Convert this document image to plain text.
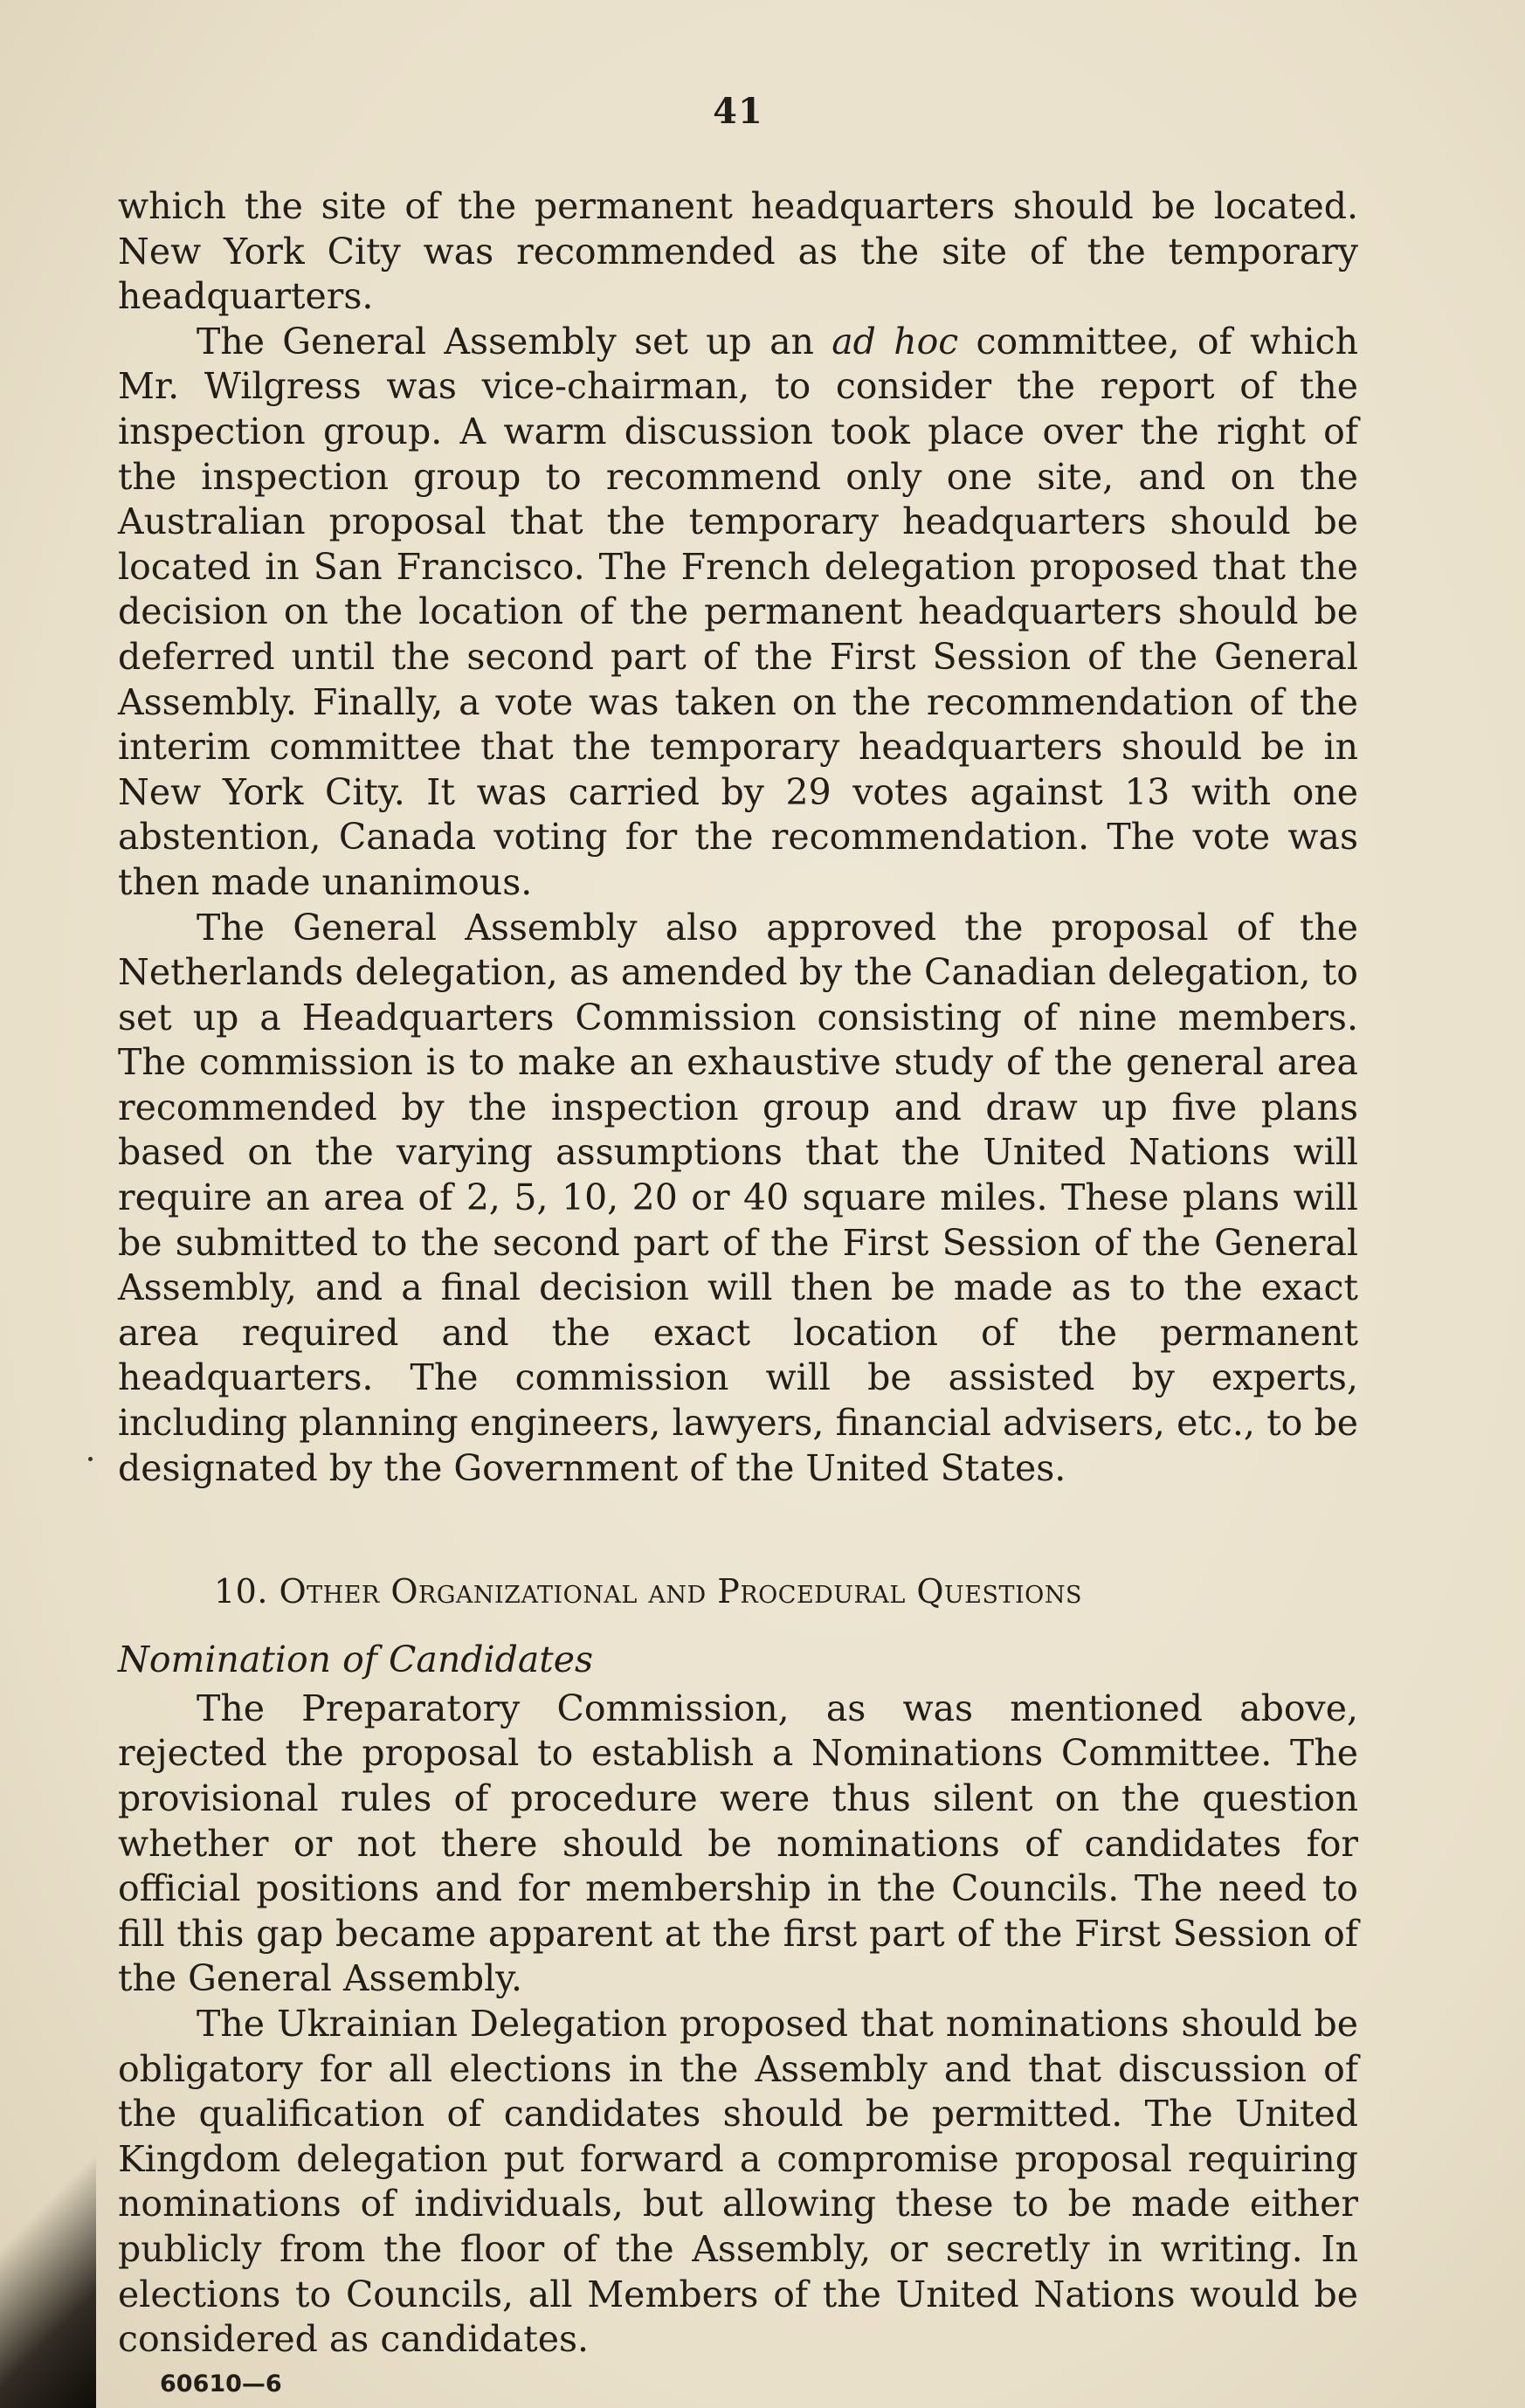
41

which the site of the permanent headquarters should be located. New York City was recommended as the site of the temporary headquarters.

The General Assembly set up an ad hoc committee, of which Mr. Wilgress was vice-chairman, to consider the report of the inspection group. A warm discussion took place over the right of the inspection group to recommend only one site, and on the Australian proposal that the temporary headquarters should be located in San Francisco. The French delegation proposed that the decision on the location of the permanent headquarters should be deferred until the second part of the First Session of the General Assembly. Finally, a vote was taken on the recommendation of the interim committee that the temporary headquarters should be in New York City. It was carried by 29 votes against 13 with one abstention, Canada voting for the recommendation. The vote was then made unanimous.

The General Assembly also approved the proposal of the Netherlands delegation, as amended by the Canadian delegation, to set up a Headquarters Commission consisting of nine members. The commission is to make an exhaustive study of the general area recommended by the inspection group and draw up five plans based on the varying assumptions that the United Nations will require an area of 2, 5, 10, 20 or 40 square miles. These plans will be submitted to the second part of the First Session of the General Assembly, and a final decision will then be made as to the exact area required and the exact location of the permanent headquarters. The commission will be assisted by experts, including planning engineers, lawyers, financial advisers, etc., to be designated by the Government of the United States.

10. Other Organizational and Procedural Questions
Nomination of Candidates

The Preparatory Commission, as was mentioned above, rejected the proposal to establish a Nominations Committee. The provisional rules of procedure were thus silent on the question whether or not there should be nominations of candidates for official positions and for membership in the Councils. The need to fill this gap became apparent at the first part of the First Session of the General Assembly.

The Ukrainian Delegation proposed that nominations should be obligatory for all elections in the Assembly and that discussion of the qualification of candidates should be permitted. The United Kingdom delegation put forward a compromise proposal requiring nominations of individuals, but allowing these to be made either publicly from the floor of the Assembly, or secretly in writing. In elections to Councils, all Members of the United Nations would be considered as candidates.

60610—6
